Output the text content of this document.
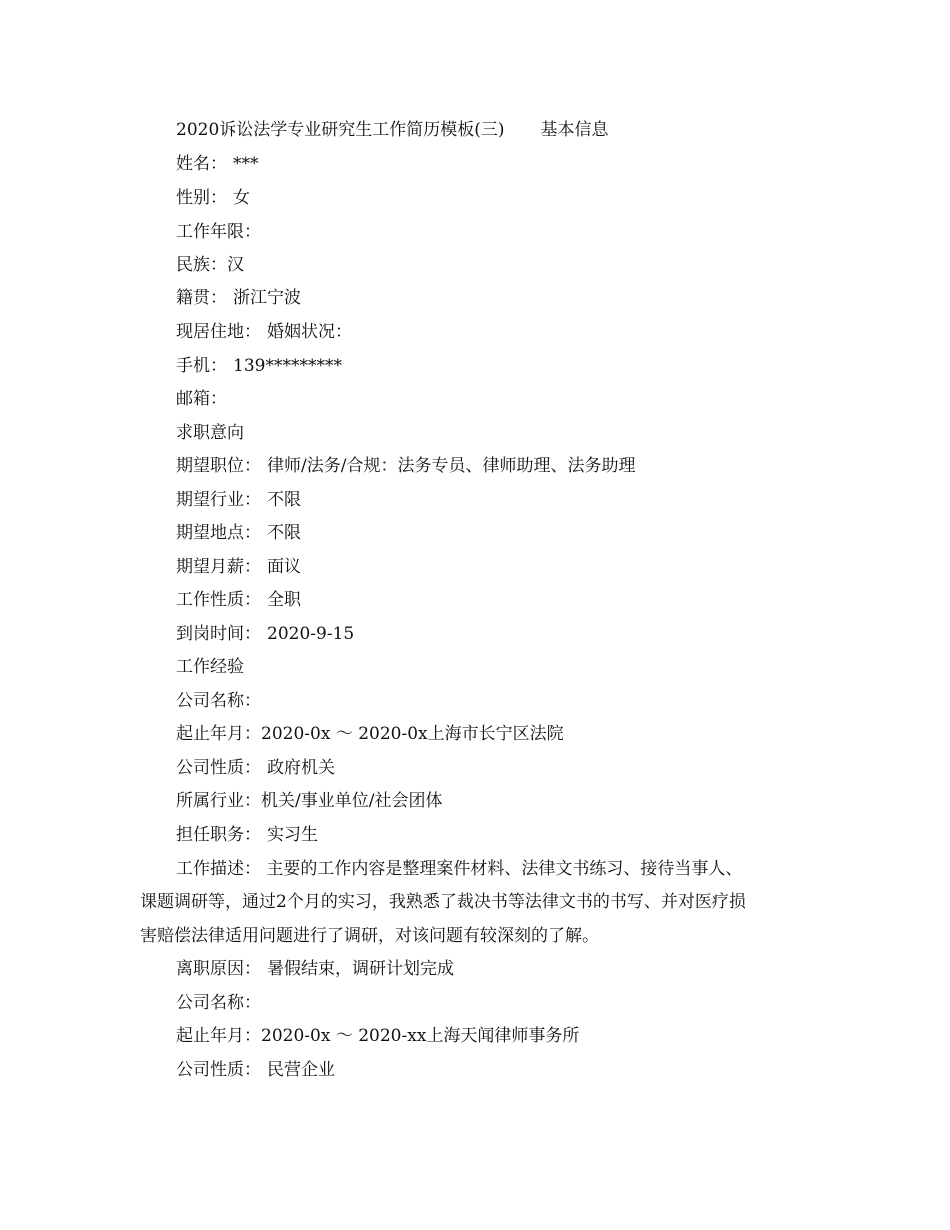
2020诉讼法学专业研究生工作简历模板(三) 基本信息
姓名： ***
性别： 女
工作年限：
民族：汉
籍贯： 浙江宁波
现居住地： 婚姻状况：
手机： 139*********
邮箱：
求职意向
期望职位： 律师/法务/合规：法务专员、律师助理、法务助理
期望行业： 不限
期望地点： 不限
期望月薪： 面议
工作性质： 全职
到岗时间： 2020-9-15
工作经验
公司名称：
起止年月：2020-0x ～ 2020-0x上海市长宁区法院
公司性质： 政府机关
所属行业：机关/事业单位/社会团体
担任职务： 实习生
工作描述： 主要的工作内容是整理案件材料、法律文书练习、接待当事人、
课题调研等，通过2个月的实习，我熟悉了裁决书等法律文书的书写、并对医疗损
害赔偿法律适用问题进行了调研，对该问题有较深刻的了解。
离职原因： 暑假结束，调研计划完成
公司名称：
起止年月：2020-0x ～ 2020-xx上海天闻律师事务所
公司性质： 民营企业
